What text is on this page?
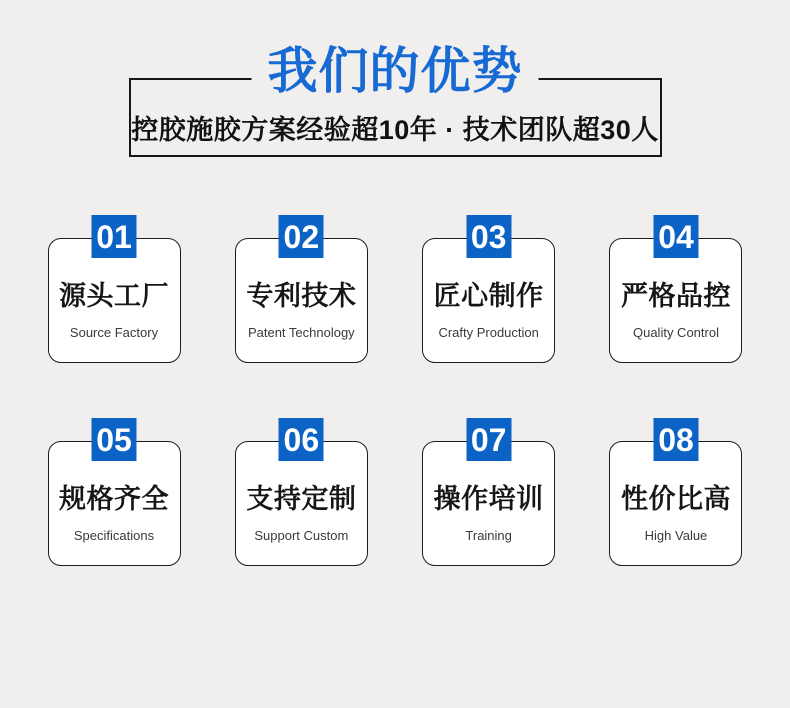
我们的优势
控胶施胶方案经验超10年 · 技术团队超30人
01
源头工厂
Source Factory
02
专利技术
Patent Technology
03
匠心制作
Crafty Production
04
严格品控
Quality Control
05
规格齐全
Specifications
06
支持定制
Support Custom
07
操作培训
Training
08
性价比高
High Value
